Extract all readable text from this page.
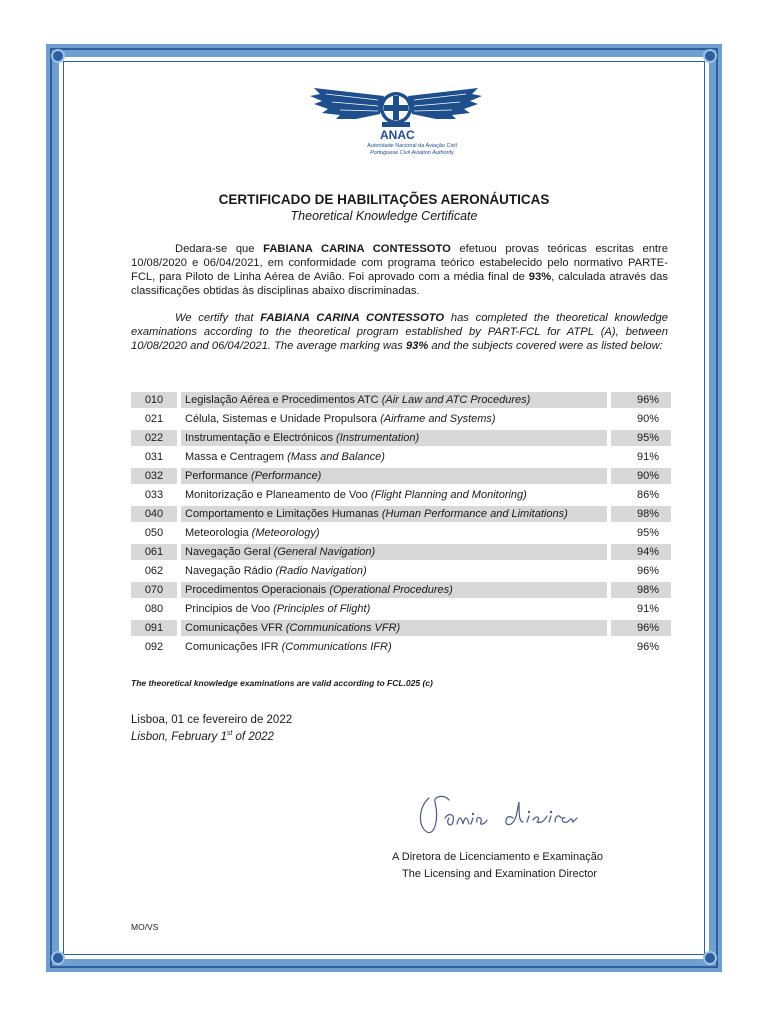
ANAC
Autoridade Nacional da Aviação Civil
Portuguese Civil Aviation Authority
CERTIFICADO DE HABILITAÇÕES AERONÁUTICAS
Theoretical Knowledge Certificate
Dedara-se que FABIANA CARINA CONTESSOTO efetuou provas teóricas escritas entre 10/08/2020 e 06/04/2021, em conformidade com programa teórico estabelecido pelo normativo PARTE-FCL, para Piloto de Linha Aérea de Avião. Foi aprovado com a média final de 93%, calculada através das classificações obtidas às disciplinas abaixo discriminadas.
We certify that FABIANA CARINA CONTESSOTO has completed the theoretical knowledge examinations according to the theoretical program established by PART-FCL for ATPL (A), between 10/08/2020 and 06/04/2021. The average marking was 93% and the subjects covered were as listed below:
010		Legislação Aérea e Procedimentos ATC (Air Law and ATC Procedures)		96%
021		Célula, Sistemas e Unidade Propulsora (Airframe and Systems)		90%
022		Instrumentação e Electrónicos (Instrumentation)		95%
031		Massa e Centragem (Mass and Balance)		91%
032		Performance (Performance)		90%
033		Monitorização e Planeamento de Voo (Flight Planning and Monitoring)		86%
040		Comportamento e Limitações Humanas (Human Performance and Limitations)		98%
050		Meteorologia (Meteorology)		95%
061		Navegação Geral (General Navigation)		94%
062		Navegação Rádio (Radio Navigation)		96%
070		Procedimentos Operacionais (Operational Procedures)		98%
080		Principios de Voo (Principles of Flight)		91%
091		Comunicações VFR (Communications VFR)		96%
092		Comunicações IFR (Communications IFR)		96%
The theoretical knowledge examinations are valid according to FCL.025 (c)
Lisboa, 01 ce fevereiro de 2022
Lisbon, February 1st of 2022
A Diretora de Licenciamento e Examinação
The Licensing and Examination Director
MO/VS
